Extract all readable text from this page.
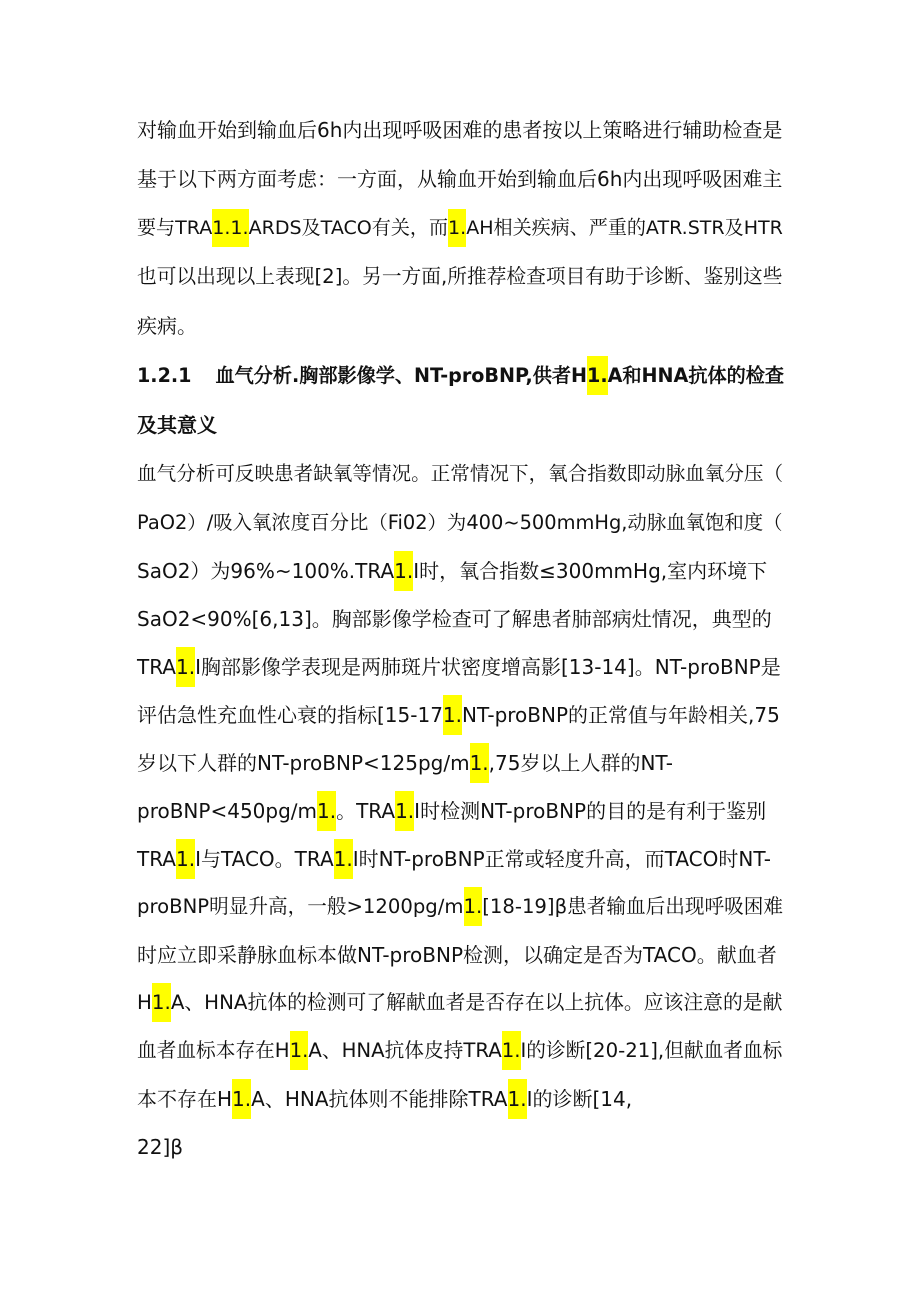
对输血开始到输血后6h内出现呼吸困难的患者按以上策略进行辅助检查是
基于以下两方面考虑：一方面，从输血开始到输血后6h内出现呼吸困难主
要与TRA1.1.ARDS及TACO有关，而1.AH相关疾病、严重的ATR.STR及HTR
也可以出现以上表现[2]。另一方面,所推荐检查项目有助于诊断、鉴别这些
疾病。
1.2.1 血气分析.胸部影像学、NT-proBNP,供者H1.A和HNA抗体的检查
及其意义
血气分析可反映患者缺氧等情况。正常情况下，氧合指数即动脉血氧分压（
PaO2）/吸入氧浓度百分比（Fi02）为400~500mmHg,动脉血氧饱和度（
SaO2）为96%~100%.TRA1.I时，氧合指数≤300mmHg,室内环境下
SaO2<90%[6,13]。胸部影像学检查可了解患者肺部病灶情况，典型的
TRA1.I胸部影像学表现是两肺斑片状密度增高影[13-14]。NT-proBNP是
评估急性充血性心衰的指标[15-171.NT-proBNP的正常值与年龄相关,75
岁以下人群的NT-proBNP<125pg/m1.,75岁以上人群的NT-
proBNP<450pg∕m1.。TRA1.I时检测NT-proBNP的目的是有利于鉴别
TRA1.I与TACO。TRA1.I时NT-proBNP正常或轻度升高，而TACO时NT-
proBNP明显升高，一般>1200pg∕m1.[18-19]β患者输血后出现呼吸困难
时应立即采静脉血标本做NT-proBNP检测，以确定是否为TACO。献血者
H1.A、HNA抗体的检测可了解献血者是否存在以上抗体。应该注意的是献
血者血标本存在H1.A、HNA抗体皮持TRA1.I的诊断[20-21],但献血者血标
本不存在H1.A、HNA抗体则不能排除TRA1.I的诊断[14,
22]β
